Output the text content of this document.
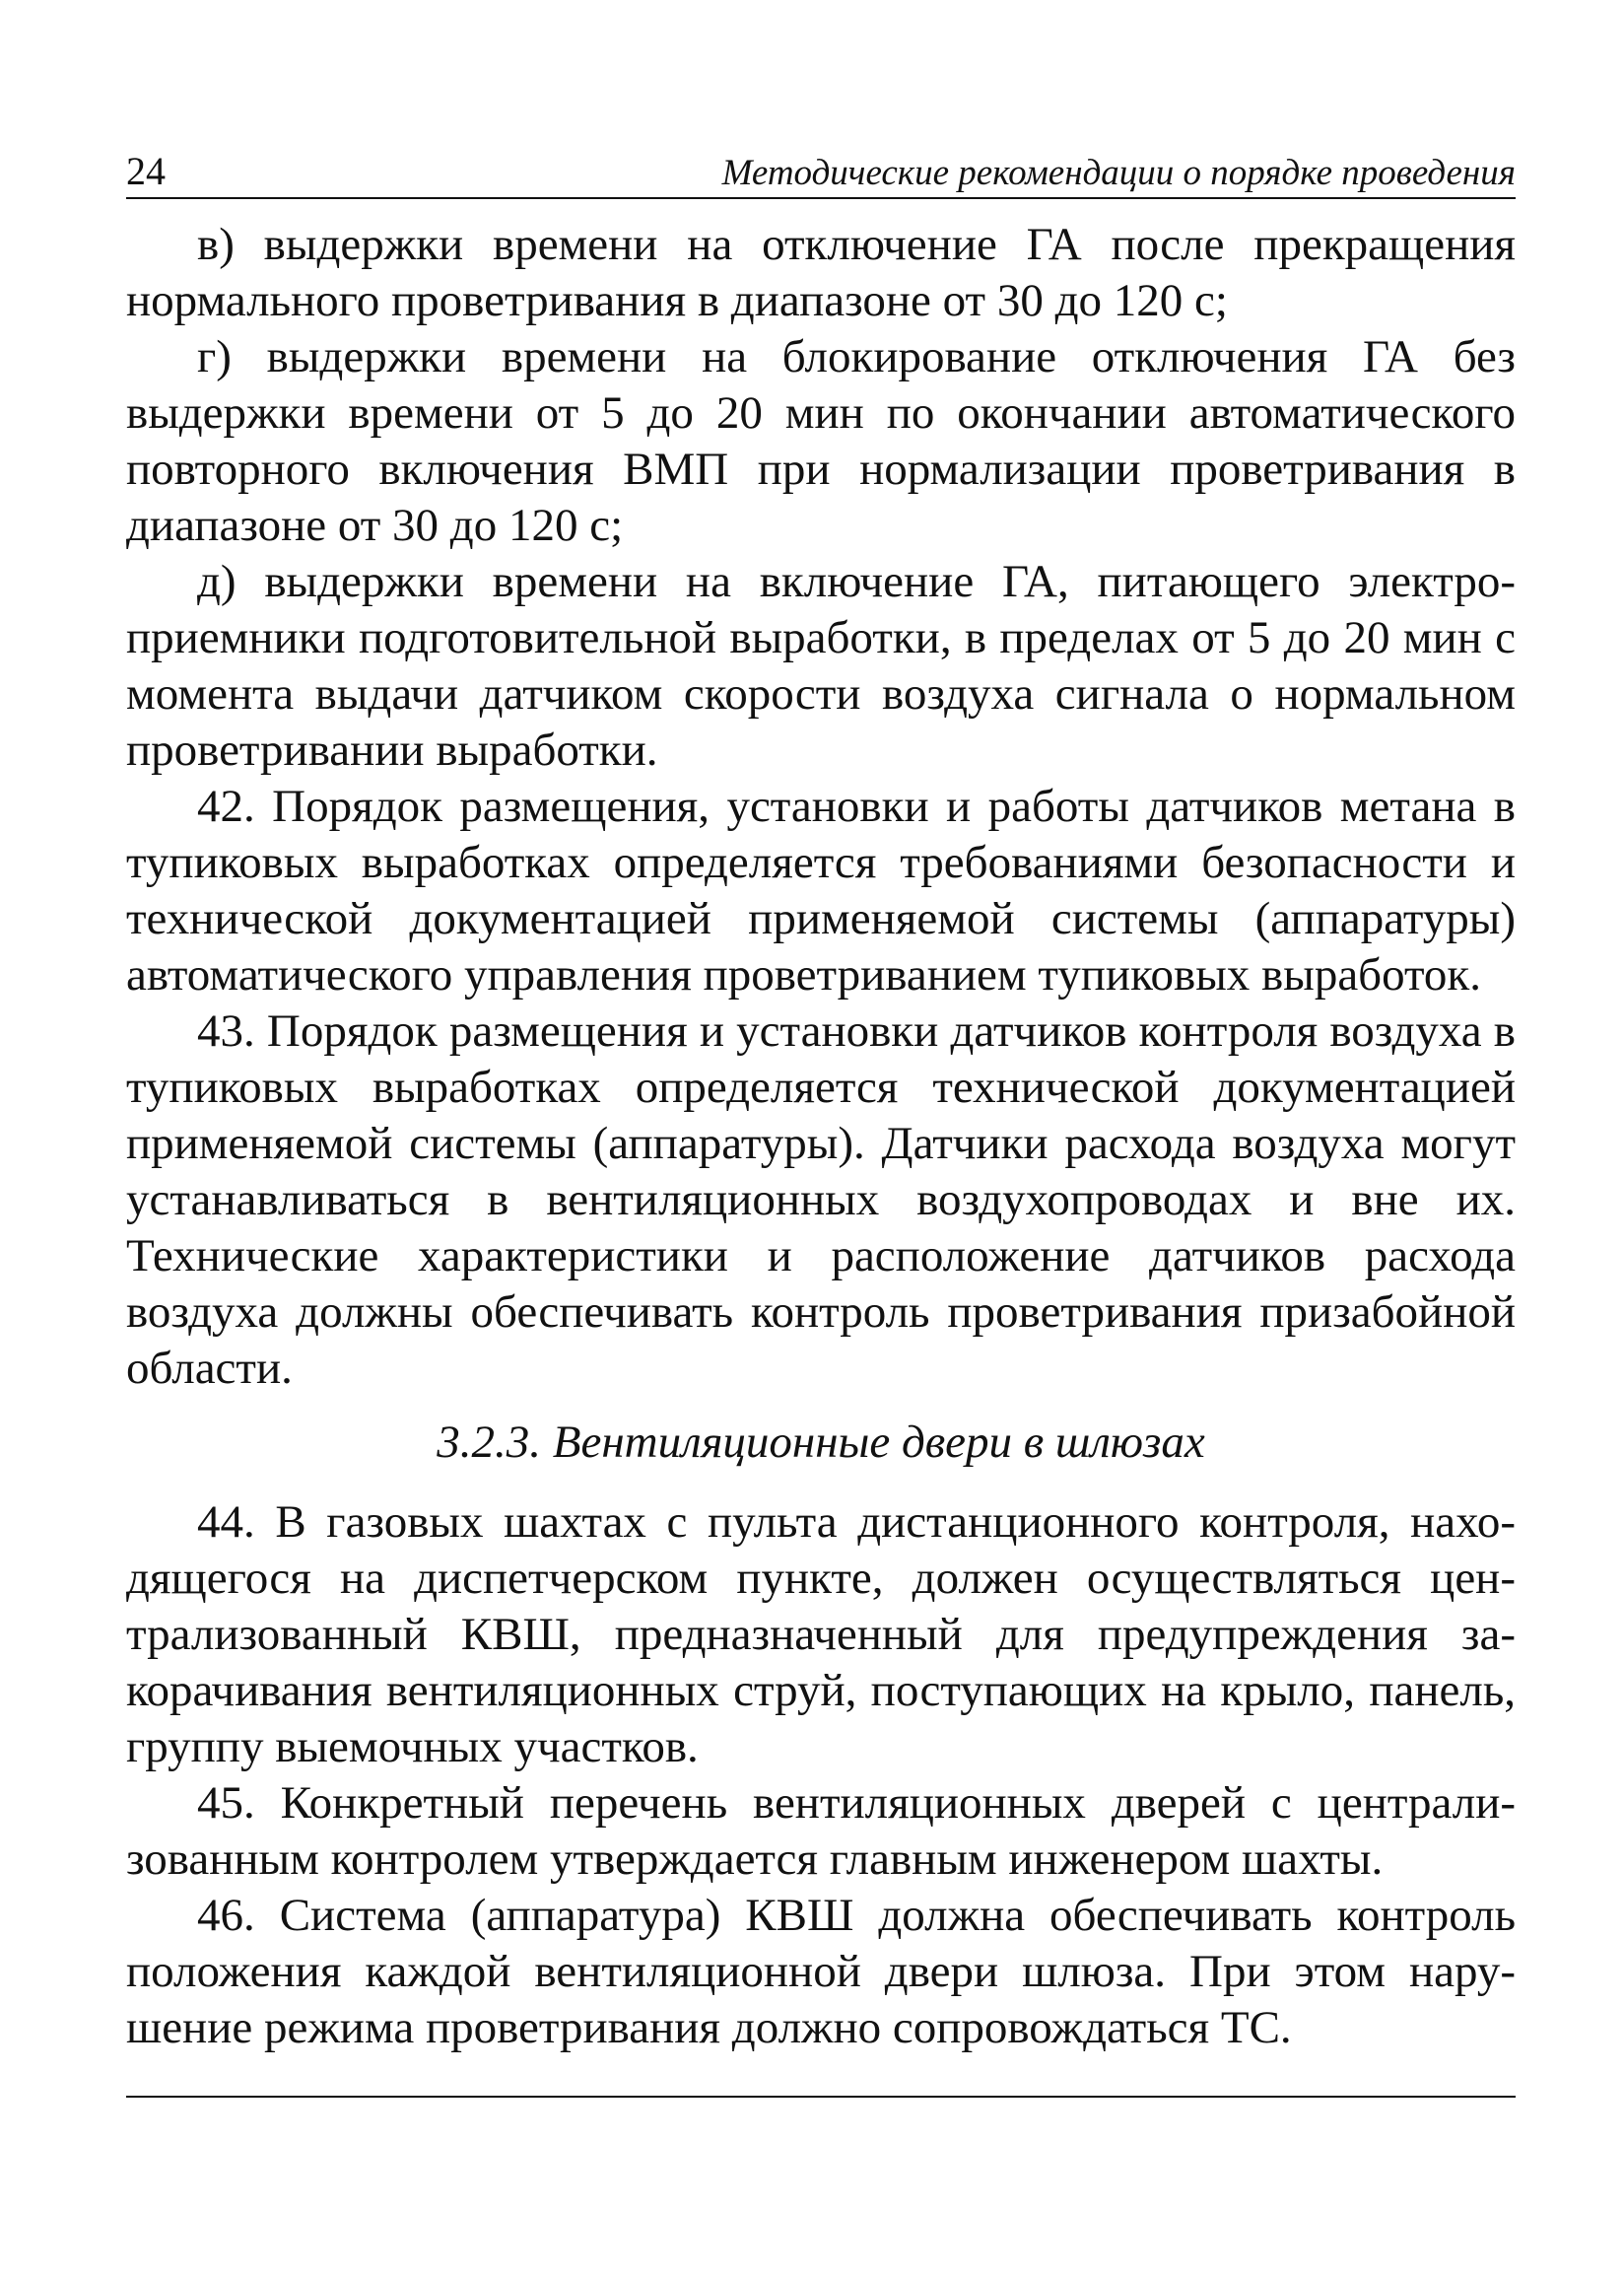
24	Методические рекомендации о порядке проведения

в) выдержки времени на отключение ГА после прекращения нормального проветривания в диапазоне от 30 до 120 с;

г) выдержки времени на блокирование отключения ГА без выдержки времени от 5 до 20 мин по окончании автоматического повторного включения ВМП при нормализации проветривания в диапазоне от 30 до 120 с;

д) выдержки времени на включение ГА, питающего электроприемники подготовительной выработки, в пределах от 5 до 20 мин с момента выдачи датчиком скорости воздуха сигнала о нормальном проветривании выработки.

42. Порядок размещения, установки и работы датчиков метана в тупиковых выработках определяется требованиями безопасности и технической документацией применяемой системы (аппаратуры) автоматического управления проветриванием тупиковых выработок.

43. Порядок размещения и установки датчиков контроля воздуха в тупиковых выработках определяется технической документацией применяемой системы (аппаратуры). Датчики расхода воздуха могут устанавливаться в вентиляционных воздухопроводах и вне их. Технические характеристики и расположение датчиков расхода воздуха должны обеспечивать контроль проветривания призабойной области.

3.2.3. Вентиляционные двери в шлюзах

44. В газовых шахтах с пульта дистанционного контроля, находящегося на диспетчерском пункте, должен осуществляться централизованный КВШ, предназначенный для предупреждения закорачивания вентиляционных струй, поступающих на крыло, панель, группу выемочных участков.

45. Конкретный перечень вентиляционных дверей с централизованным контролем утверждается главным инженером шахты.

46. Система (аппаратура) КВШ должна обеспечивать контроль положения каждой вентиляционной двери шлюза. При этом нарушение режима проветривания должно сопровождаться ТС.
